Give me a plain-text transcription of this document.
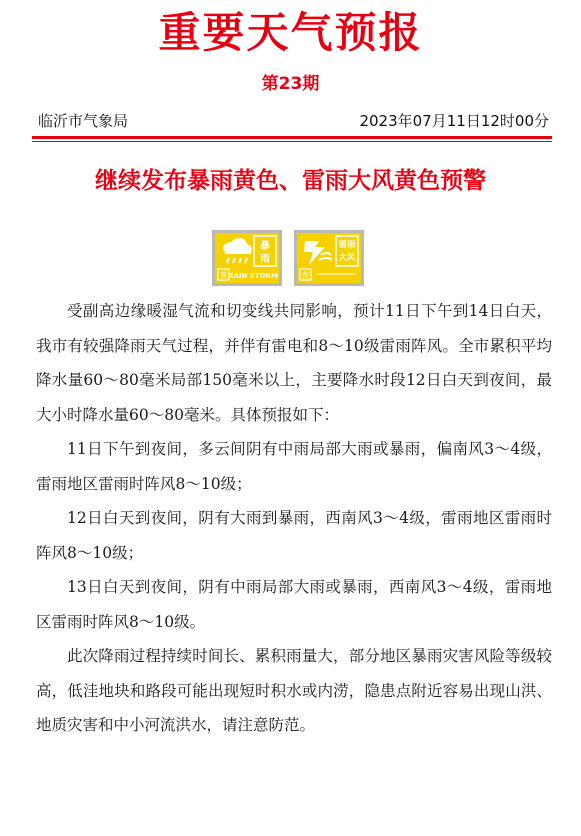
重要天气预报
第23期
临沂市气象局	2023年07月11日12时00分
继续发布暴雨黄色、雷雨大风黄色预警
暴
雨
黄 RAIN STORM
雷雨
大风
黄

受副高边缘暖湿气流和切变线共同影响，预计11日下午到14日白天，我市有较强降雨天气过程，并伴有雷电和8～10级雷雨阵风。全市累积平均降水量60～80毫米局部150毫米以上，主要降水时段12日白天到夜间，最大小时降水量60～80毫米。具体预报如下：

11日下午到夜间，多云间阴有中雨局部大雨或暴雨，偏南风3～4级，雷雨地区雷雨时阵风8～10级；

12日白天到夜间，阴有大雨到暴雨，西南风3～4级，雷雨地区雷雨时阵风8～10级；

13日白天到夜间，阴有中雨局部大雨或暴雨，西南风3～4级，雷雨地区雷雨时阵风8～10级。

此次降雨过程持续时间长、累积雨量大，部分地区暴雨灾害风险等级较高，低洼地块和路段可能出现短时积水或内涝，隐患点附近容易出现山洪、地质灾害和中小河流洪水，请注意防范。
